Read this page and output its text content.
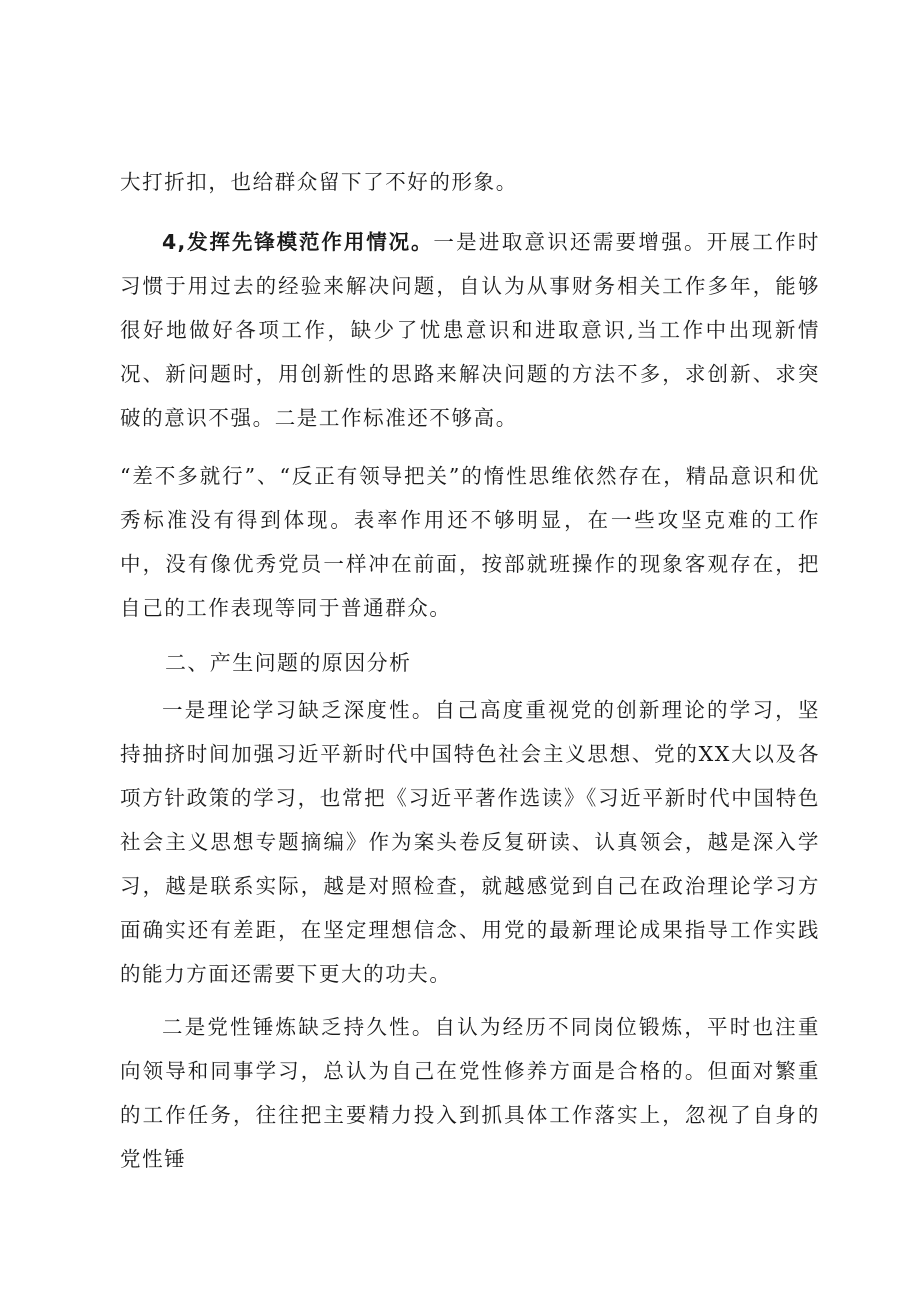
大打折扣，也给群众留下了不好的形象。

4,发挥先锋模范作用情况。一是进取意识还需要增强。开展工作时习惯于用过去的经验来解决问题，自认为从事财务相关工作多年，能够很好地做好各项工作，缺少了忧患意识和进取意识,当工作中出现新情况、新问题时，用创新性的思路来解决问题的方法不多，求创新、求突破的意识不强。二是工作标准还不够高。

“差不多就行”、“反正有领导把关”的惰性思维依然存在，精品意识和优秀标准没有得到体现。表率作用还不够明显，在一些攻坚克难的工作中，没有像优秀党员一样冲在前面，按部就班操作的现象客观存在，把自己的工作表现等同于普通群众。

二、产生问题的原因分析

一是理论学习缺乏深度性。自己高度重视党的创新理论的学习，坚持抽挤时间加强习近平新时代中国特色社会主义思想、党的XX大以及各项方针政策的学习，也常把《习近平著作选读》《习近平新时代中国特色社会主义思想专题摘编》作为案头卷反复研读、认真领会，越是深入学习，越是联系实际，越是对照检查，就越感觉到自己在政治理论学习方面确实还有差距，在坚定理想信念、用党的最新理论成果指导工作实践的能力方面还需要下更大的功夫。

二是党性锤炼缺乏持久性。自认为经历不同岗位锻炼，平时也注重向领导和同事学习，总认为自己在党性修养方面是合格的。但面对繁重的工作任务，往往把主要精力投入到抓具体工作落实上，忽视了自身的党性锤
